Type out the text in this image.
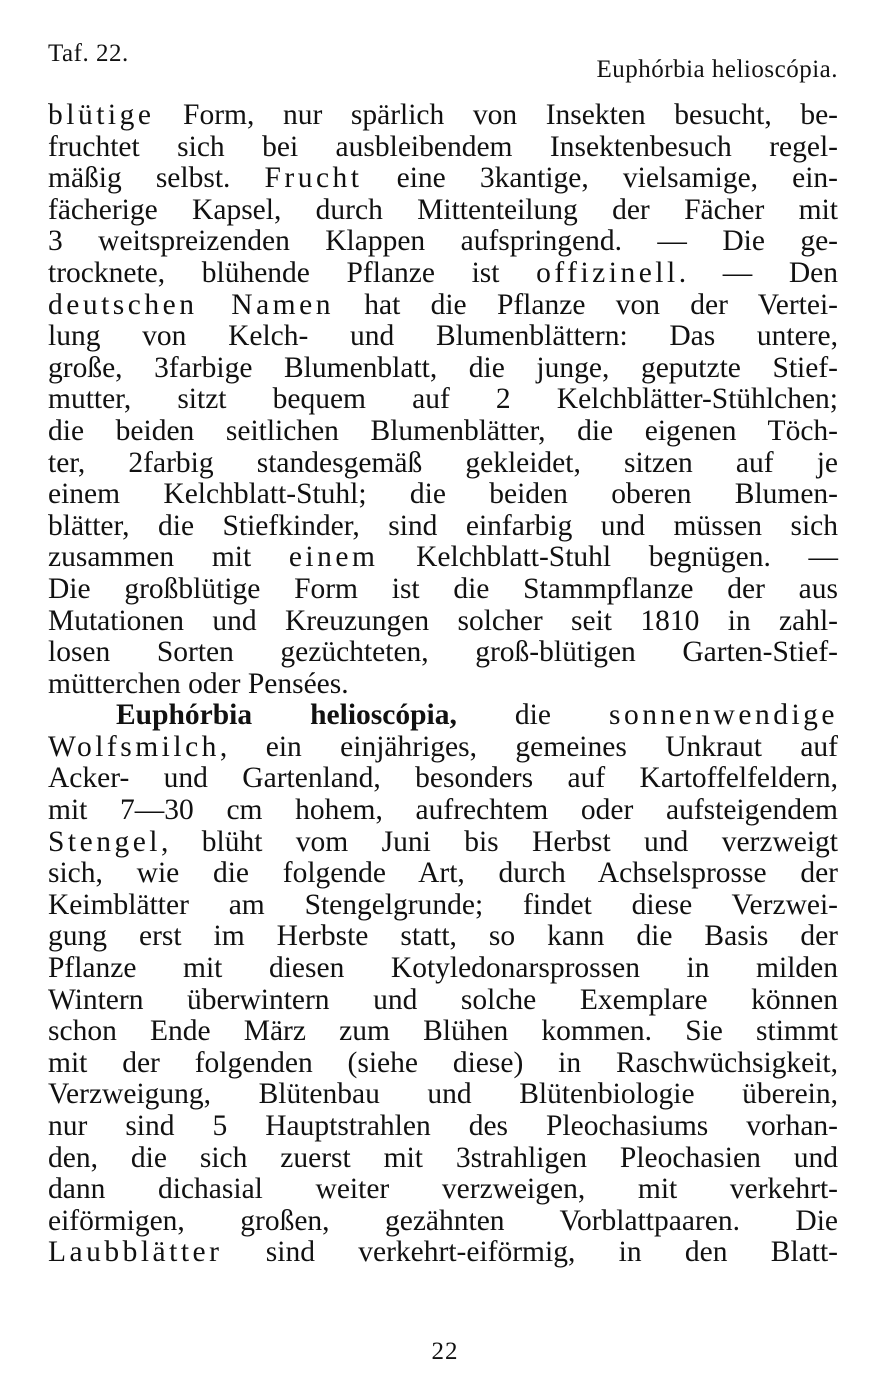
Taf. 22.
Euphórbia helioscópia.
blütige Form, nur spärlich von Insekten besucht, be-
fruchtet sich bei ausbleibendem Insektenbesuch regel-
mäßig selbst. Frucht eine 3kantige, vielsamige, ein-
fächerige Kapsel, durch Mittenteilung der Fächer mit
3 weitspreizenden Klappen aufspringend. — Die ge-
trocknete, blühende Pflanze ist offizinell. — Den
deutschen Namen hat die Pflanze von der Vertei-
lung von Kelch- und Blumenblättern: Das untere,
große, 3farbige Blumenblatt, die junge, geputzte Stief-
mutter, sitzt bequem auf 2 Kelchblätter-Stühlchen;
die beiden seitlichen Blumenblätter, die eigenen Töch-
ter, 2farbig standesgemäß gekleidet, sitzen auf je
einem Kelchblatt-Stuhl; die beiden oberen Blumen-
blätter, die Stiefkinder, sind einfarbig und müssen sich
zusammen mit einem Kelchblatt-Stuhl begnügen. —
Die großblütige Form ist die Stammpflanze der aus
Mutationen und Kreuzungen solcher seit 1810 in zahl-
losen Sorten gezüchteten, groß-blütigen Garten-Stief-
mütterchen oder Pensées.
Euphórbia helioscópia, die sonnenwendige
Wolfsmilch, ein einjähriges, gemeines Unkraut auf
Acker- und Gartenland, besonders auf Kartoffelfeldern,
mit 7—30 cm hohem, aufrechtem oder aufsteigendem
Stengel, blüht vom Juni bis Herbst und verzweigt
sich, wie die folgende Art, durch Achselsprosse der
Keimblätter am Stengelgrunde; findet diese Verzwei-
gung erst im Herbste statt, so kann die Basis der
Pflanze mit diesen Kotyledonarsprossen in milden
Wintern überwintern und solche Exemplare können
schon Ende März zum Blühen kommen. Sie stimmt
mit der folgenden (siehe diese) in Raschwüchsigkeit,
Verzweigung, Blütenbau und Blütenbiologie überein,
nur sind 5 Hauptstrahlen des Pleochasiums vorhan-
den, die sich zuerst mit 3strahligen Pleochasien und
dann dichasial weiter verzweigen, mit verkehrt-
eiförmigen, großen, gezähnten Vorblattpaaren. Die
Laubblätter sind verkehrt-eiförmig, in den Blatt-
22
